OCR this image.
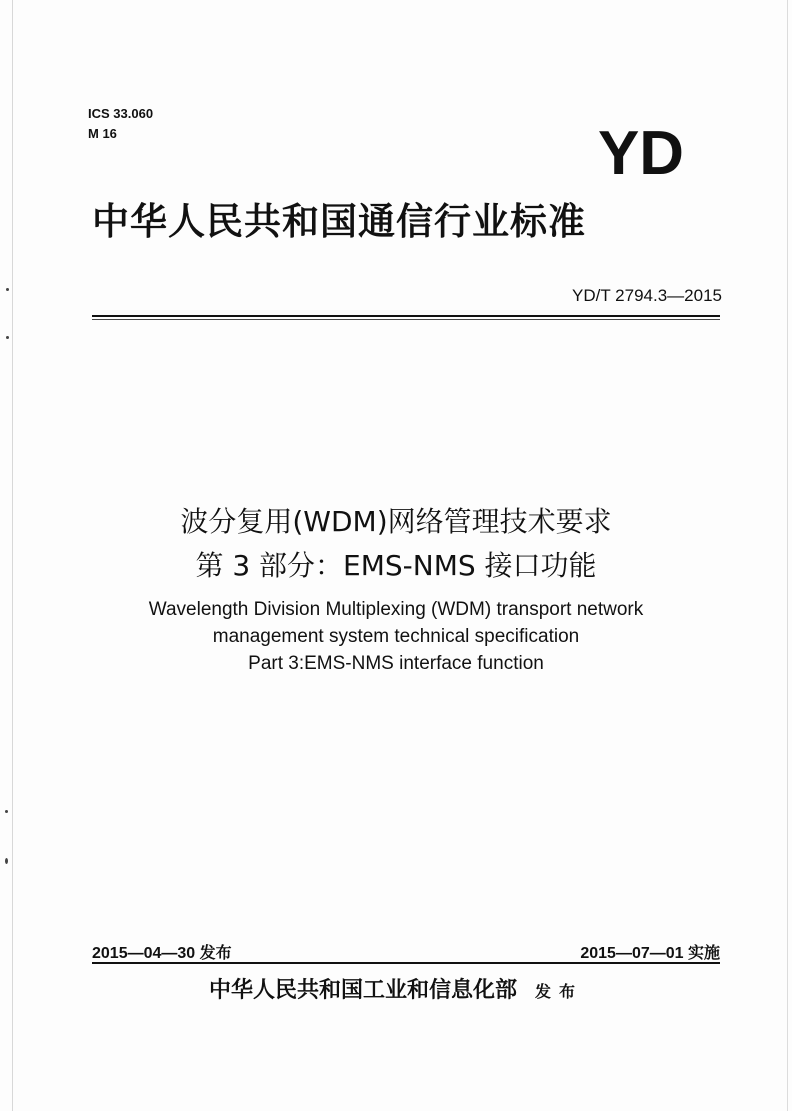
ICS 33.060
M 16	YD
中华人民共和国通信行业标准
YD/T 2794.3—2015
波分复用(WDM)网络管理技术要求
第 3 部分：EMS-NMS 接口功能
Wavelength Division Multiplexing (WDM) transport network
management system technical specification
Part 3:EMS-NMS interface function
2015—04—30 发布	2015—07—01 实施
中华人民共和国工业和信息化部 发布
